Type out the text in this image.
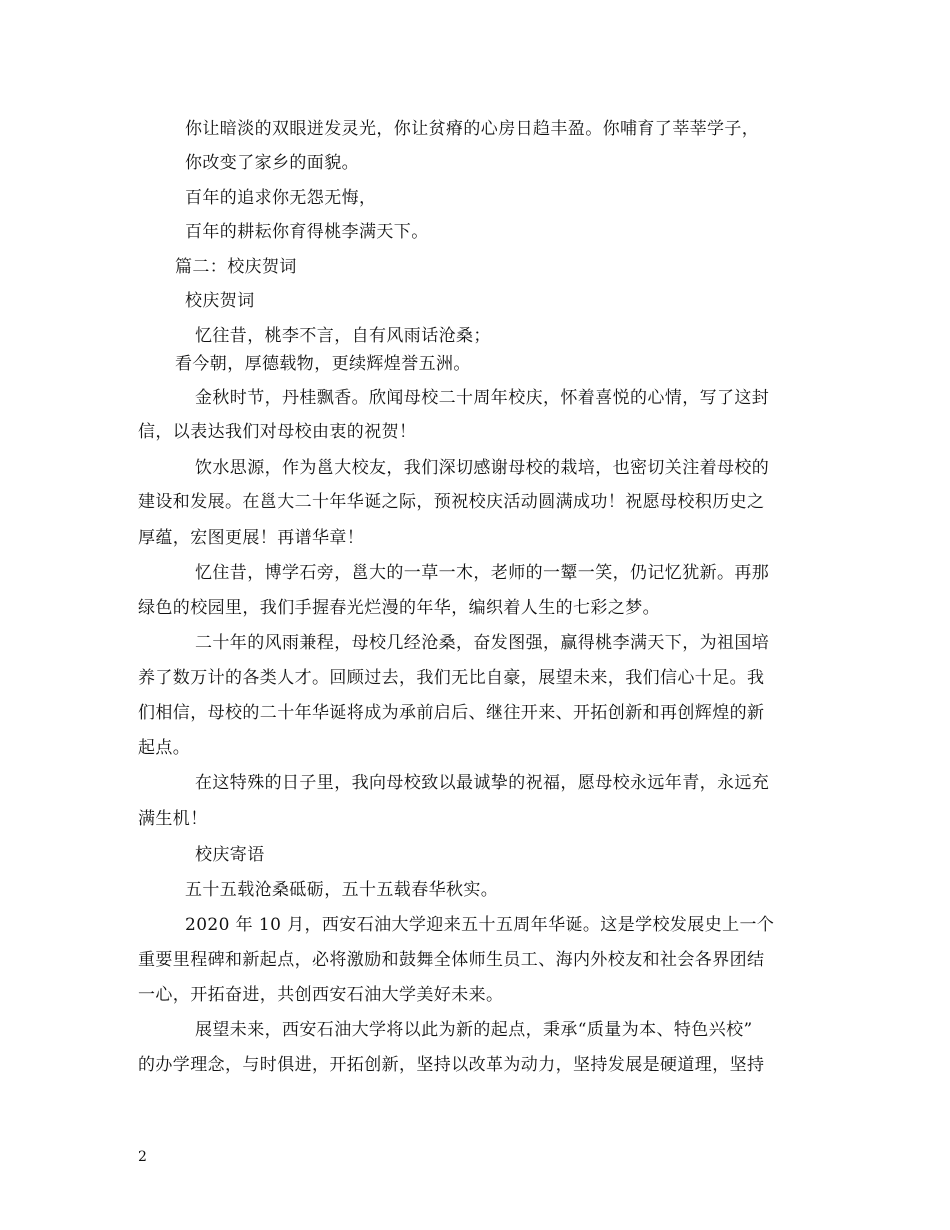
你让暗淡的双眼迸发灵光，你让贫瘠的心房日趋丰盈。你哺育了莘莘学子，
你改变了家乡的面貌。
百年的追求你无怨无悔，
百年的耕耘你育得桃李满天下。
篇二：校庆贺词
校庆贺词
忆往昔，桃李不言，自有风雨话沧桑；
看今朝，厚德载物，更续辉煌誉五洲。
金秋时节，丹桂飘香。欣闻母校二十周年校庆，怀着喜悦的心情，写了这封
信，以表达我们对母校由衷的祝贺！
饮水思源，作为邕大校友，我们深切感谢母校的栽培，也密切关注着母校的
建设和发展。在邕大二十年华诞之际，预祝校庆活动圆满成功！祝愿母校积历史之
厚蕴，宏图更展！再谱华章！
忆住昔，博学石旁，邕大的一草一木，老师的一颦一笑，仍记忆犹新。再那
绿色的校园里，我们手握春光烂漫的年华，编织着人生的七彩之梦。
二十年的风雨兼程，母校几经沧桑，奋发图强，赢得桃李满天下，为祖国培
养了数万计的各类人才。回顾过去，我们无比自豪，展望未来，我们信心十足。我
们相信，母校的二十年华诞将成为承前启后、继往开来、开拓创新和再创辉煌的新
起点。
在这特殊的日子里，我向母校致以最诚挚的祝福，愿母校永远年青，永远充
满生机！
校庆寄语
五十五载沧桑砥砺，五十五载春华秋实。
2020 年 10 月，西安石油大学迎来五十五周年华诞。这是学校发展史上一个
重要里程碑和新起点，必将激励和鼓舞全体师生员工、海内外校友和社会各界团结
一心，开拓奋进，共创西安石油大学美好未来。
展望未来，西安石油大学将以此为新的起点，秉承“质量为本、特色兴校”
的办学理念，与时俱进，开拓创新，坚持以改革为动力，坚持发展是硬道理，坚持
2
